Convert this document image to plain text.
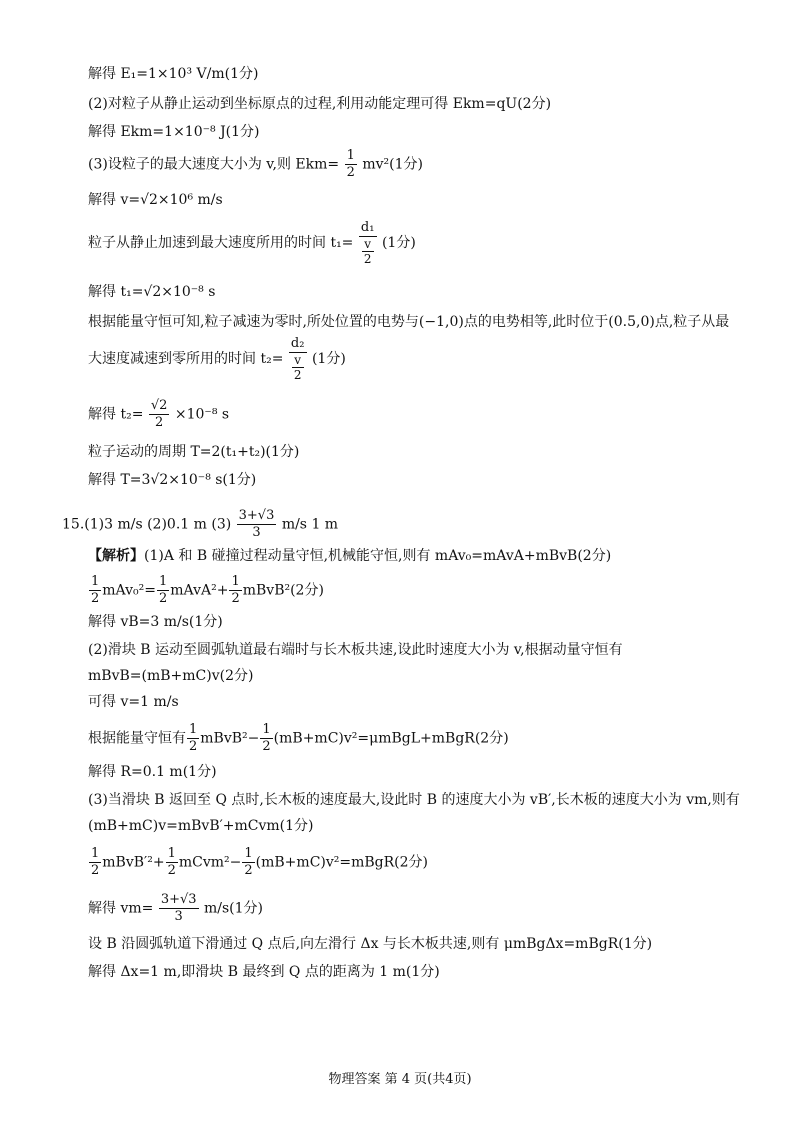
解得 E₁=1×10³ V/m(1分)
(2)对粒子从静止运动到坐标原点的过程,利用动能定理可得 Ekm=qU(2分)
解得 Ekm=1×10⁻⁸ J(1分)
(3)设粒子的最大速度大小为 v,则 $Ekm= \frac{1}{2} mv^2(1$分)
解得 v=√2×10⁶ m/s
粒子从静止加速到最大速度所用的时间 $t_1= \frac{\text{d₁}}{\frac{v}{2}} (1$分)
解得 t₁=√2×10⁻⁸ s
根据能量守恒可知,粒子减速为零时,所处位置的电势与(−1,0)点的电势相等,此时位于(0.5,0)点,粒子从最
大速度减速到零所用的时间 $t_2= \frac{\text{d₂}}{\frac{v}{2}} (1$分)
解得 $t_2= \frac{√2}{2} \times 10^{-8}$ s
粒子运动的周期 T=2(t₁+t₂)(1分)
解得 T=3√2×10⁻⁸ s(1分)
15.(1)3 m/s (2)0.1 m $(3) \frac{3+√3}{3} m/s$ 1 m
【解析】(1)A 和 B 碰撞过程动量守恒,机械能守恒,则有 mAv₀=mAvA+mBvB(2分)
$\frac{1}{2} mAv_0^2= \frac{1}{2}$ mAvA²+ $\frac{1}{2}$ mBvB²(2分)
解得 vB=3 m/s(1分)
(2)滑块 B 运动至圆弧轨道最右端时与长木板共速,设此时速度大小为 v,根据动量守恒有
mBvB=(mB+mC)v(2分)
可得 v=1 m/s
根据能量守恒有 $\frac{1}{2}$ mBvB²− $\frac{1}{2}$ (mB+mC)v²=μmBgL+mBgR(2分)
解得 R=0.1 m(1分)
(3)当滑块 B 返回至 Q 点时,长木板的速度最大,设此时 B 的速度大小为 vB′,长木板的速度大小为 vm,则有
(mB+mC)v=mBvB′+mCvm(1分)
$\frac{1}{2}$ mBvB′²+ $\frac{1}{2}$ mCvm²− $\frac{1}{2}$ (mB+mC)v²=mBgR(2分)
解得 $vm= \frac{3+√3}{3} m/s(1$分)
设 B 沿圆弧轨道下滑通过 Q 点后,向左滑行 Δx 与长木板共速,则有 μmBgΔx=mBgR(1分)
解得 Δx=1 m,即滑块 B 最终到 Q 点的距离为 1 m(1分)
物理答案 第 4 页(共4页)
